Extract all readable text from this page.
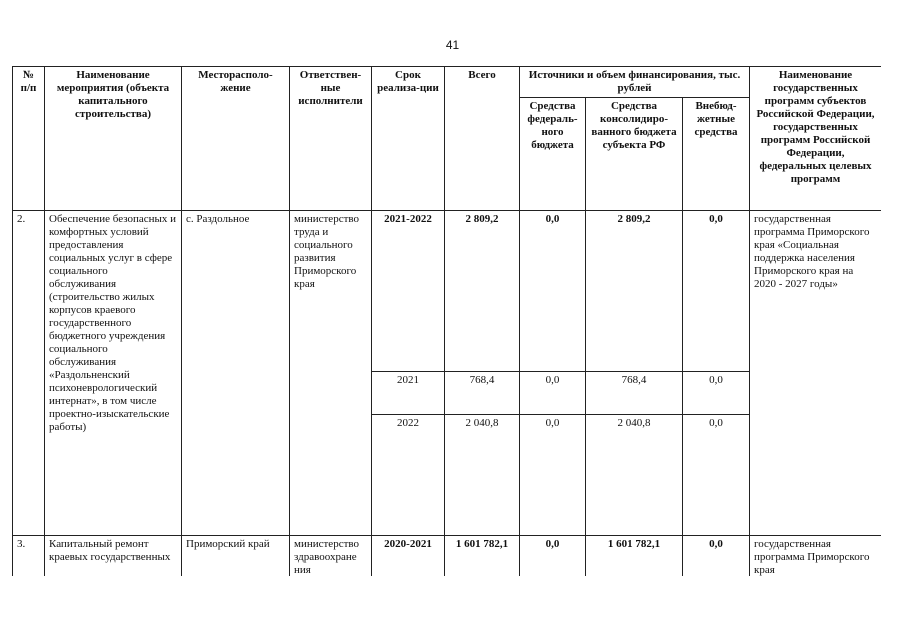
41
№ п/п	Наименование мероприятия (объекта капитального строительства)	Месторасполо-жение	Ответствен-ные исполнители	Срок реализа-ции	Всего	Источники и объем финансирования, тыс. рублей			Наименование государственных программ субъектов Российской Федерации, государственных программ Российской Федерации, федеральных целевых программ
						Средства федераль-ного бюджета	Средства консолидиро-ванного бюджета субъекта РФ	Внебюд-жетные средства	
2.	Обеспечение безопасных и комфортных условий предоставления социальных услуг в сфере социального обслуживания (строительство жилых корпусов краевого государственного бюджетного учреждения социального обслуживания «Раздольненский психоневрологический интернат», в том числе проектно-изыскательские работы)	с. Раздольное	министерство труда и социального развития Приморского края	2021-2022	2 809,2	0,0	2 809,2	0,0	государственная программа Приморского края «Социальная поддержка населения Приморского края на 2020 - 2027 годы»
				2021	768,4	0,0	768,4	0,0	
				2022	2 040,8	0,0	2 040,8	0,0	
3.	Капитальный ремонт краевых государственных	Приморский край	министерство здравоохране ния	2020-2021	1 601 782,1	0,0	1 601 782,1	0,0	государственная программа Приморского края
